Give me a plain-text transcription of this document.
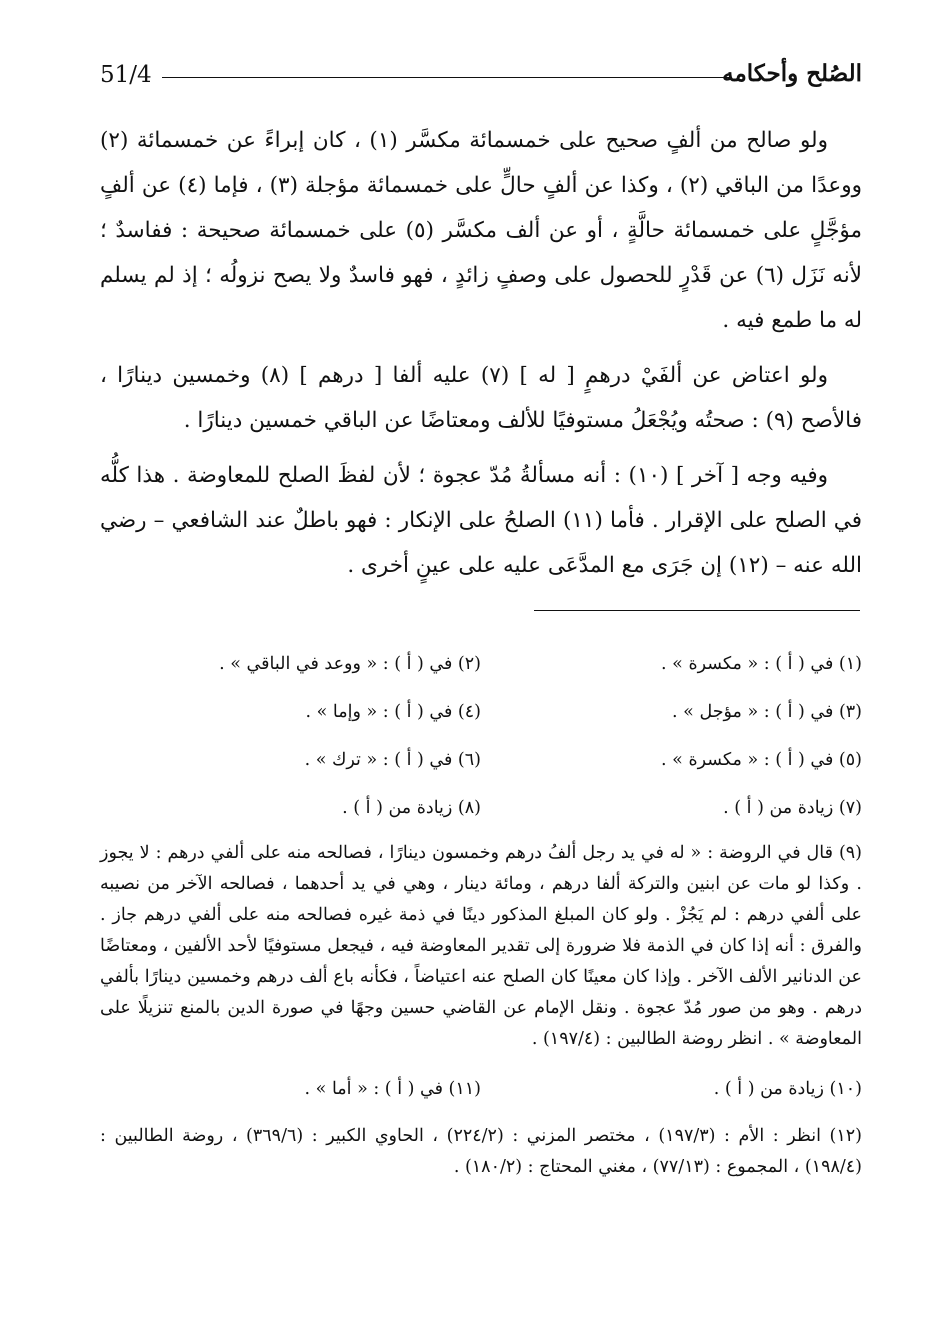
51/4	الصُلح وأحكامه

ولو صالح من ألفٍ صحيح على خمسمائة مكسَّر (١) ، كان إبراءً عن خمسمائة (٢) ووعدًا من الباقي (٢) ، وكذا عن ألفٍ حالٍّ على خمسمائة مؤجلة (٣) ، فإما (٤) عن ألفٍ مؤجَّلٍ على خمسمائة حالَّةٍ ، أو عن ألف مكسَّر (٥) على خمسمائة صحيحة : ففاسدٌ ؛ لأنه نَزَل (٦) عن قَدْرٍ للحصول على وصفٍ زائدٍ ، فهو فاسدٌ ولا يصح نزولُه ؛ إذ لم يسلم له ما طمع فيه .

ولو اعتاض عن ألفَيْ درهمٍ [ له ] (٧) عليه ألفا [ درهم ] (٨) وخمسين دينارًا ، فالأصح (٩) : صحتُه ويُجْعَلُ مستوفيًا للألف ومعتاضًا عن الباقي خمسين دينارًا .

وفيه وجه [ آخر ] (١٠) : أنه مسألةُ مُدّ عجوة ؛ لأن لفظَ الصلح للمعاوضة . هذا كلُّه في الصلح على الإقرار . فأما (١١) الصلحُ على الإنكار : فهو باطلٌ عند الشافعي – رضي الله عنه – (١٢) إن جَرَى مع المدَّعَى عليه على عينٍ أخرى .

(١) في ( أ ) : « مكسرة » .
(٢) في ( أ ) : « ووعد في الباقي » .
(٣) في ( أ ) : « مؤجل » .
(٤) في ( أ ) : « وإما » .
(٥) في ( أ ) : « مكسرة » .
(٦) في ( أ ) : « ترك » .
(٧) زيادة من ( أ ) .
(٨) زيادة من ( أ ) .
(٩) قال في الروضة : « له في يد رجل ألفُ درهم وخمسون دينارًا ، فصالحه منه على ألفي درهم : لا يجوز . وكذا لو مات عن ابنين والتركة ألفا درهم ، ومائة دينار ، وهي في يد أحدهما ، فصالحه الآخر من نصيبه على ألفي درهم : لم يَجُزْ . ولو كان المبلغ المذكور دينًا في ذمة غيره فصالحه منه على ألفي درهم جاز . والفرق : أنه إذا كان في الذمة فلا ضرورة إلى تقدير المعاوضة فيه ، فيجعل مستوفيًا لأحد الألفين ، ومعتاضًا عن الدنانير الألف الآخر . وإذا كان معينًا كان الصلح عنه اعتياضاً ، فكأنه باع ألف درهم وخمسين دينارًا بألفي درهم . وهو من صور مُدّ عجوة . ونقل الإمام عن القاضي حسين وجهًا في صورة الدين بالمنع تنزيلًا على المعاوضة » . انظر روضة الطالبين : (١٩٧/٤) .
(١٠) زيادة من ( أ ) .
(١١) في ( أ ) : « أما » .
(١٢) انظر : الأم : (١٩٧/٣) ، مختصر المزني : (٢٢٤/٢) ، الحاوي الكبير : (٣٦٩/٦) ، روضة الطالبين : (١٩٨/٤) ، المجموع : (٧٧/١٣) ، مغني المحتاج : (١٨٠/٢) .
